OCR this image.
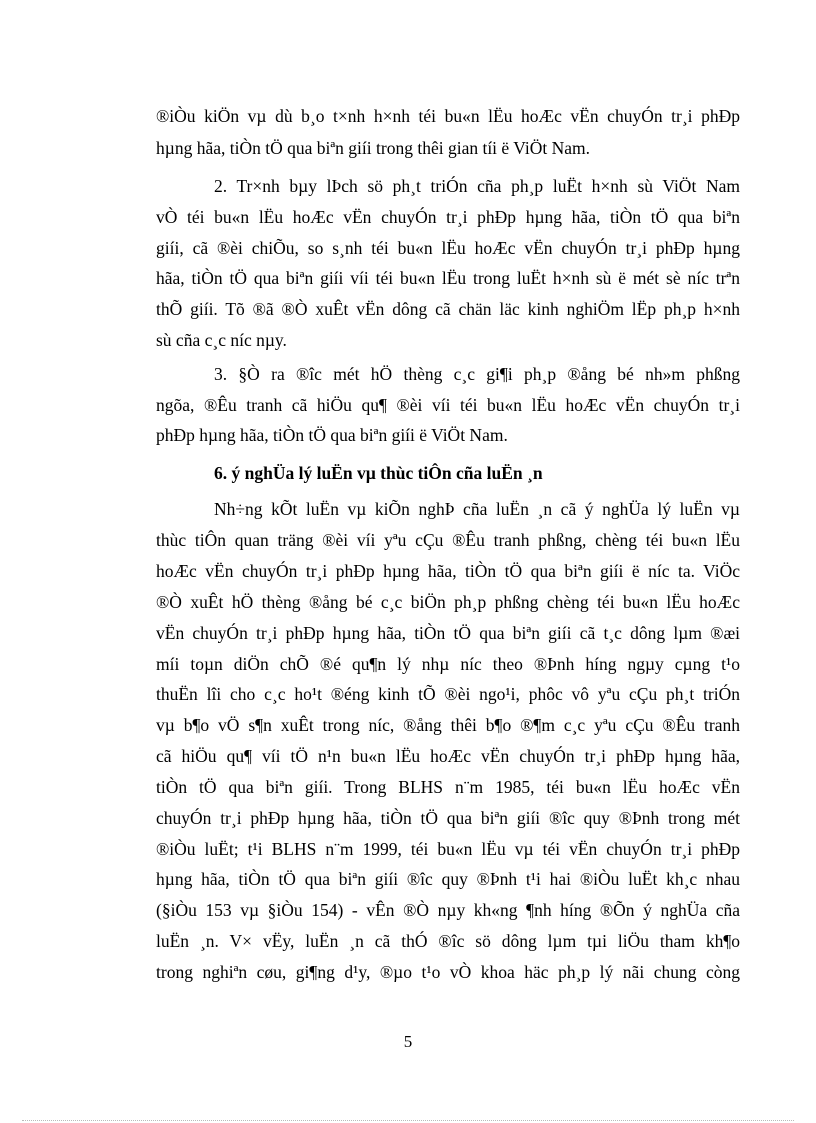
®iÒu kiÖn vµ dù b¸o t×nh h×nh téi bu«n lËu hoÆc vËn chuyÓn tr¸i phÐp
hµng hãa, tiÒn tÖ qua biªn giíi trong thêi gian tíi ë ViÖt Nam.
2. Tr×nh bµy lÞch sö ph¸t triÓn cña ph¸p luËt h×nh sù ViÖt Nam
vÒ téi bu«n lËu hoÆc vËn chuyÓn tr¸i phÐp hµng hãa, tiÒn tÖ qua biªn
giíi, cã ®èi chiÕu, so s¸nh téi bu«n lËu hoÆc vËn chuyÓn tr¸i phÐp hµng
hãa, tiÒn tÖ qua biªn giíi víi téi bu«n lËu trong luËt h×nh sù ë mét sè níc trªn
thÕ giíi. Tõ ®ã ®Ò xuÊt vËn dông cã chän läc kinh nghiÖm lËp ph¸p h×nh
sù cña c¸c níc nµy.
3. §Ò ra ®îc mét hÖ thèng c¸c gi¶i ph¸p ®ång bé nh»m phßng
ngõa, ®Êu tranh cã hiÖu qu¶ ®èi víi téi bu«n lËu hoÆc vËn chuyÓn tr¸i
phÐp hµng hãa, tiÒn tÖ qua biªn giíi ë ViÖt Nam.
6. ý nghÜa lý luËn vµ thùc tiÔn cña luËn ¸n
Nh÷ng kÕt luËn vµ kiÕn nghÞ cña luËn ¸n cã ý nghÜa lý luËn vµ
thùc tiÔn quan träng ®èi víi yªu cÇu ®Êu tranh phßng, chèng téi bu«n lËu
hoÆc vËn chuyÓn tr¸i phÐp hµng hãa, tiÒn tÖ qua biªn giíi ë níc ta. ViÖc
®Ò xuÊt hÖ thèng ®ång bé c¸c biÖn ph¸p phßng chèng téi bu«n lËu hoÆc
vËn chuyÓn tr¸i phÐp hµng hãa, tiÒn tÖ qua biªn giíi cã t¸c dông lµm ®æi
míi toµn diÖn chÕ ®é qu¶n lý nhµ níc theo ®Þnh híng ngµy cµng t¹o
thuËn lîi cho c¸c ho¹t ®éng kinh tÕ ®èi ngo¹i, phôc vô yªu cÇu ph¸t triÓn
vµ b¶o vÖ s¶n xuÊt trong níc, ®ång thêi b¶o ®¶m c¸c yªu cÇu ®Êu tranh
cã hiÖu qu¶ víi tÖ n¹n bu«n lËu hoÆc vËn chuyÓn tr¸i phÐp hµng hãa,
tiÒn tÖ qua biªn giíi. Trong BLHS n¨m 1985, téi bu«n lËu hoÆc vËn
chuyÓn tr¸i phÐp hµng hãa, tiÒn tÖ qua biªn giíi ®îc quy ®Þnh trong mét
®iÒu luËt; t¹i BLHS n¨m 1999, téi bu«n lËu vµ téi vËn chuyÓn tr¸i phÐp
hµng hãa, tiÒn tÖ qua biªn giíi ®îc quy ®Þnh t¹i hai ®iÒu luËt kh¸c nhau
(§iÒu 153 vµ §iÒu 154) - vÊn ®Ò nµy kh«ng ¶nh híng ®Õn ý nghÜa cña
luËn ¸n. V× vËy, luËn ¸n cã thÓ ®îc sö dông lµm tµi liÖu tham kh¶o
trong nghiªn cøu, gi¶ng d¹y, ®µo t¹o vÒ khoa häc ph¸p lý nãi chung còng
5
